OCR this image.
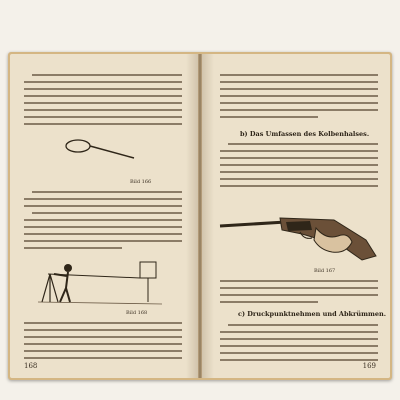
Bild 166
Bild 168
168
b) Das Umfassen des Kolbenhalses.
Bild 167
c) Druckpunktnehmen und Abkrümmen.
169
